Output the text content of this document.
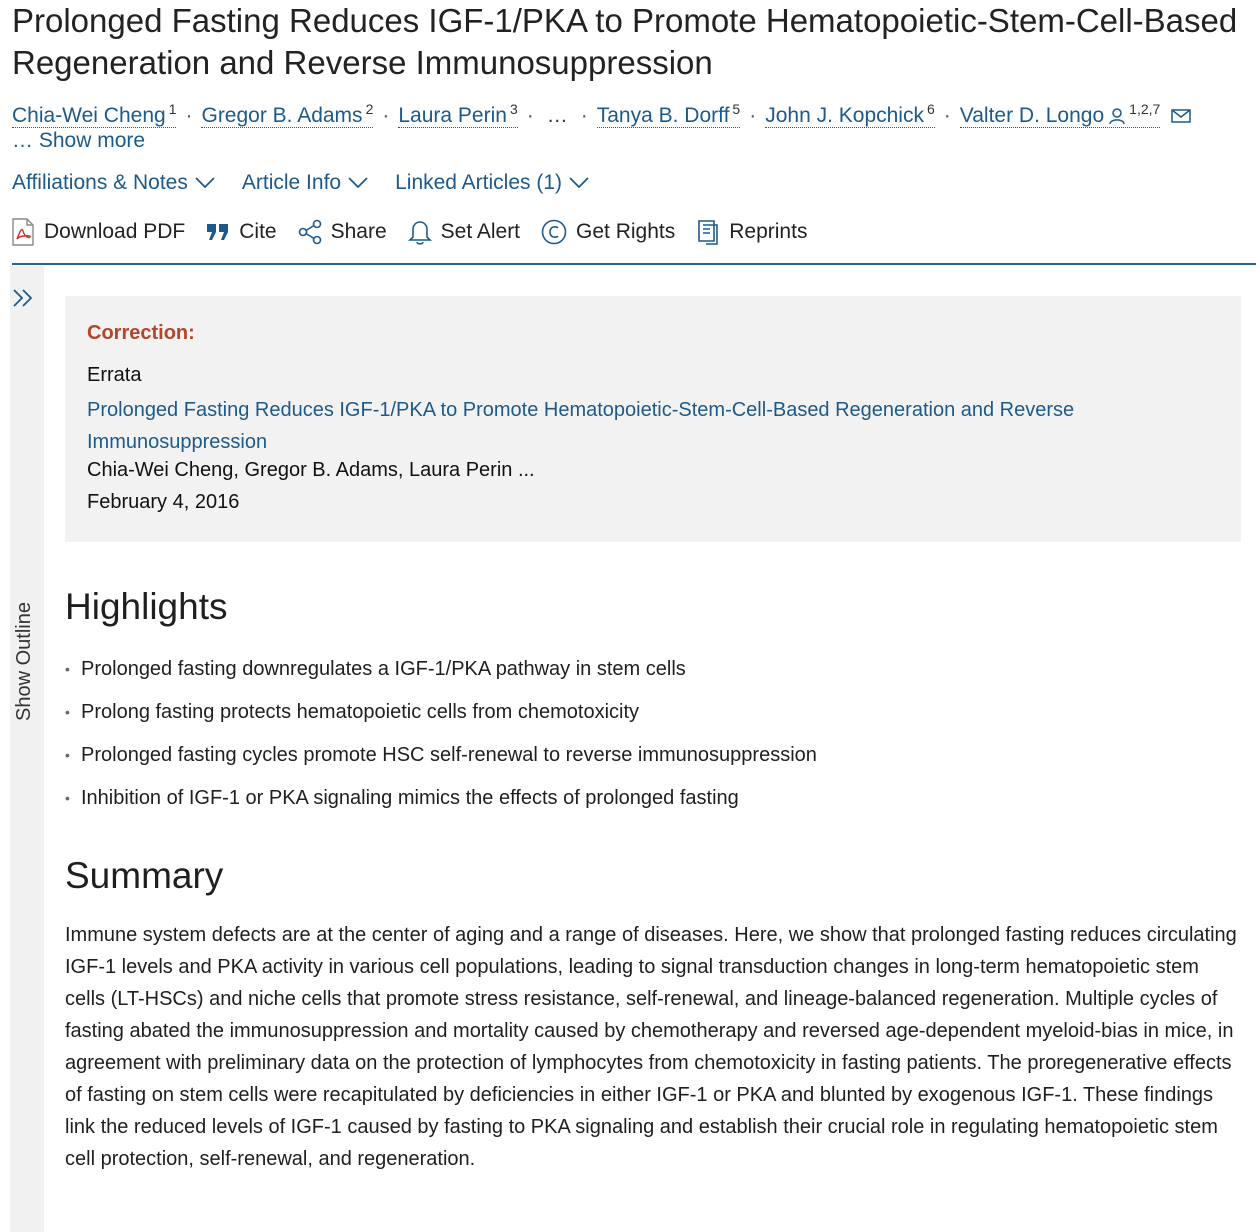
Prolonged Fasting Reduces IGF-1/PKA to Promote Hematopoietic-Stem-Cell-Based Regeneration and Reverse Immunosuppression
Chia-Wei Cheng $^1$ · Gregor B. Adams $^2$ · Laura Perin $^3$ · … · Tanya B. Dorff $^5$ · John J. Kopchick $^6$ · Valter D. Longo $^{1,2,7}$
… Show more
Affiliations & Notes	Article Info	Linked Articles (1)
Download PDF	Cite	Share	Set Alert	Get Rights	Reprints
Show Outline
Correction:
Errata
Prolonged Fasting Reduces IGF-1/PKA to Promote Hematopoietic-Stem-Cell-Based Regeneration and Reverse Immunosuppression
Chia-Wei Cheng, Gregor B. Adams, Laura Perin ...
February 4, 2016
Highlights
• Prolonged fasting downregulates a IGF-1/PKA pathway in stem cells
• Prolong fasting protects hematopoietic cells from chemotoxicity
• Prolonged fasting cycles promote HSC self-renewal to reverse immunosuppression
• Inhibition of IGF-1 or PKA signaling mimics the effects of prolonged fasting
Summary

Immune system defects are at the center of aging and a range of diseases. Here, we show that prolonged fasting reduces circulating IGF-1 levels and PKA activity in various cell populations, leading to signal transduction changes in long-term hematopoietic stem cells (LT-HSCs) and niche cells that promote stress resistance, self-renewal, and lineage-balanced regeneration. Multiple cycles of fasting abated the immunosuppression and mortality caused by chemotherapy and reversed age-dependent myeloid-bias in mice, in agreement with preliminary data on the protection of lymphocytes from chemotoxicity in fasting patients. The proregenerative effects of fasting on stem cells were recapitulated by deficiencies in either IGF-1 or PKA and blunted by exogenous IGF-1. These findings link the reduced levels of IGF-1 caused by fasting to PKA signaling and establish their crucial role in regulating hematopoietic stem cell protection, self-renewal, and regeneration.
